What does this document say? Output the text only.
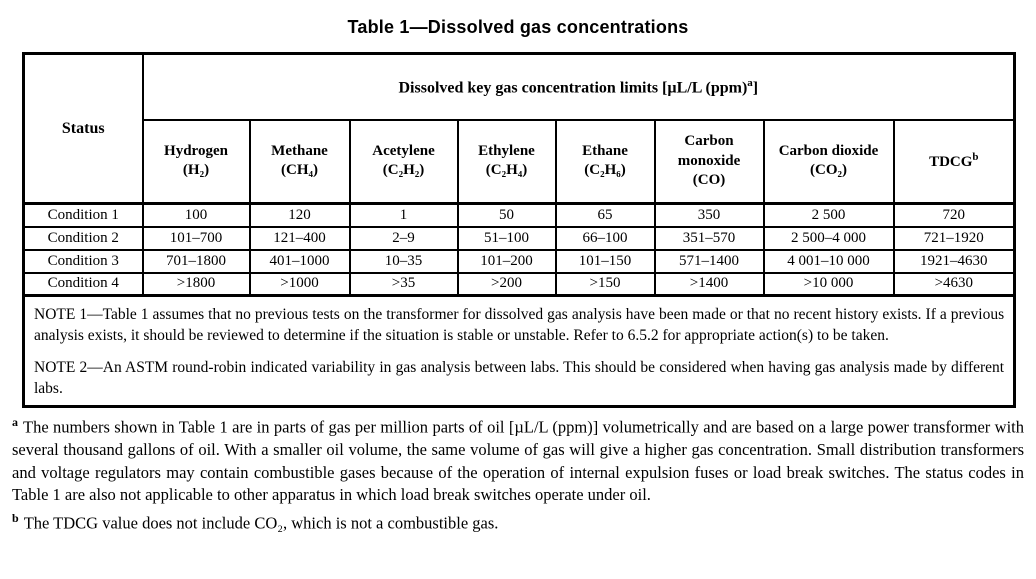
Table 1—Dissolved gas concentrations
Status	Dissolved key gas concentration limits [µL/L (ppm)$^a$]							

Hydrogen
(H₂)

Methane
(CH₄)

Acetylene
(C₂H₂)

Ethylene
(C₂H₄)

Ethane
(C₂H₆)

Carbon monoxide
(CO)

Carbon dioxide
(CO₂)

TDCG$^b$

Condition 1	100	120	1	50	65	350	2 500	720
Condition 2	101–700	121–400	2–9	51–100	66–100	351–570	2 500–4 000	721–1920
Condition 3	701–1800	401–1000	10–35	101–200	101–150	571–1400	4 001–10 000	1921–4630
Condition 4	>1800	>1000	>35	>200	>150	>1400	>10 000	>4630

NOTE 1—Table 1 assumes that no previous tests on the transformer for dissolved gas analysis have been made or that no recent history exists. If a previous analysis exists, it should be reviewed to determine if the situation is stable or unstable. Refer to 6.5.2 for appropriate action(s) to be taken.

NOTE 2—An ASTM round-robin indicated variability in gas analysis between labs. This should be considered when having gas analysis made by different labs.								

$^a$ The numbers shown in Table 1 are in parts of gas per million parts of oil [µL/L (ppm)] volumetrically and are based on a large power transformer with several thousand gallons of oil. With a smaller oil volume, the same volume of gas will give a higher gas concentration. Small distribution transformers and voltage regulators may contain combustible gases because of the operation of internal expulsion fuses or load break switches. The status codes in Table 1 are also not applicable to other apparatus in which load break switches operate under oil.

$^b$ The TDCG value does not include CO₂, which is not a combustible gas.
